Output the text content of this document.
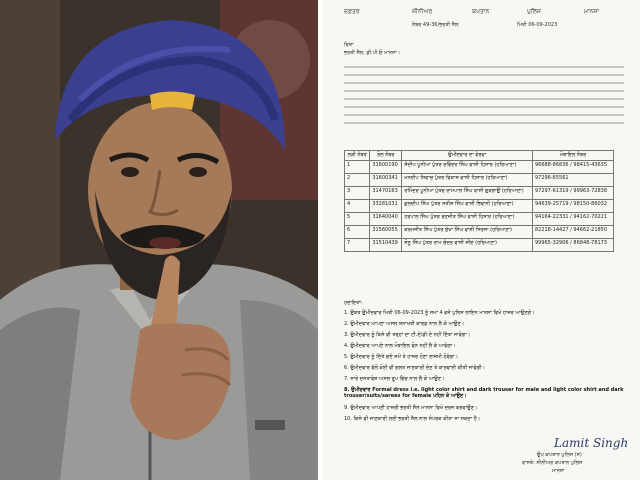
ਦਫ਼ਤਰ	ਸੀਨੀਅਰ	ਕਪਤਾਨ	ਪੁਲਿਸ	ਮਾਨਸਾ
ਨੰਬਰ 49-36/ਭਰਤੀ ਸੈਲ	ਮਿਤੀ 06-09-2023
ਵਿਸ਼ਾ
ਭਰਤੀ ਸੈਲ, ਡੀ.ਪੀ.ਓ ਮਾਨਸਾ।
ਲੜੀ ਨੰਬਰ	ਰੋਲ ਨੰਬਰ	ਉਮੀਦਵਾਰ ਦਾ ਵੇਰਵਾ	ਮੋਬਾਇਲ ਨੰਬਰ
1	31600190	ਸੰਦੀਪ ਪੂਨੀਆ ਪੁੱਤਰ ਰਵਿੰਦਰ ਸਿੰਘ ਵਾਸੀ ਹਿਸਾਰ (ਹਰਿਆਣਾ)	96688-86836 / 98415-43635
2	31600341	ਮਨਦੀਪ ਸਿਵਾਚ ਪੁੱਤਰ ਵਿਕਾਸ ਵਾਸੀ ਹਿਸਾਰ (ਹਰਿਆਣਾ)	97296-65561
3	31470163	ਰਮਿੰਦਰ ਪੂਨੀਆ ਪੁੱਤਰ ਰਾਮਪਾਲ ਸਿੰਘ ਵਾਸੀ ਗੁੜਗਾਉਂ (ਹਰਿਆਣਾ)	97297-61319 / 99963-72838
4	33281031	ਕੁਲਦੀਪ ਸਿੰਘ ਪੁੱਤਰ ਸਤੀਸ਼ ਸਿੰਘ ਵਾਸੀ ਭਿਵਾਨੀ (ਹਰਿਆਣਾ)	94639-25719 / 98150-86032
5	31640040	ਹਰਪਾਲ ਸਿੰਘ ਪੁੱਤਰ ਰਣਜੀਤ ਸਿੰਘ ਵਾਸੀ ਹਿਸਾਰ (ਹਰਿਆਣਾ)	94164-22331 / 94162-70221
6	31560055	ਕਰਮਜੀਤ ਸਿੰਘ ਪੁੱਤਰ ਸੁੱਖਾ ਸਿੰਘ ਵਾਸੀ ਸਿਰਸਾ (ਹਰਿਆਣਾ)	82218-14427 / 94662-21850
7	31510439	ਸੋਨੂ ਸਿੰਘ ਪੁੱਤਰ ਰਾਮ ਚੰਦਰ ਵਾਸੀ ਜੀਂਦ (ਹਰਿਆਣਾ)	99965-32906 / 86848-78173
ਹਦਾਇਤਾਂ:
1. ਉਕਤ ਉਮੀਦਵਾਰ ਮਿਤੀ 06-09-2023 ਨੂੰ ਸਮਾਂ 4 ਵਜੇ ਪੁਲਿਸ ਲਾਇਨ ਮਾਨਸਾ ਵਿਖੇ ਹਾਜ਼ਰ ਆਉਣਗੇ।
2. ਉਮੀਦਵਾਰ ਆਪਣਾ ਅਸਲ ਸ਼ਨਾਖਤੀ ਕਾਰਡ ਨਾਲ ਲੈ ਕੇ ਆਉਣ।
3. ਉਮੀਦਵਾਰ ਨੂੰ ਕਿਸੇ ਵੀ ਤਰ੍ਹਾਂ ਦਾ ਟੀ.ਏ/ਡੀ.ਏ ਨਹੀਂ ਦਿੱਤਾ ਜਾਵੇਗਾ।
4. ਉਮੀਦਵਾਰ ਆਪਣੇ ਨਾਲ ਮੋਬਾਇਲ ਫੋਨ ਨਹੀਂ ਲੈ ਕੇ ਆਵੇਗਾ।
5. ਉਮੀਦਵਾਰ ਨੂੰ ਦਿੱਤੇ ਗਏ ਸਮੇਂ ਤੇ ਹਾਜ਼ਰ ਹੋਣਾ ਲਾਜ਼ਮੀ ਹੋਵੇਗਾ।
6. ਉਮੀਦਵਾਰ ਵੱਲੋਂ ਕੋਈ ਵੀ ਗਲਤ ਜਾਣਕਾਰੀ ਦੇਣ ਤੇ ਕਾਰਵਾਈ ਕੀਤੀ ਜਾਵੇਗੀ।
7. ਸਾਰੇ ਦਸਤਾਵੇਜ਼ ਅਸਲ ਰੂਪ ਵਿੱਚ ਨਾਲ ਲੈ ਕੇ ਆਉਣ।
8. ਉਮੀਦਵਾਰ Formal dress i.e. light color shirt and dark trouser for male and light color shirt and dark trouser/suits/sarees for female ਪਹਿਨ ਕੇ ਆਉਣ।
9. ਉਮੀਦਵਾਰ ਆਪਣੀ ਹਾਜ਼ਰੀ ਭਰਤੀ ਸੈਲ ਮਾਨਸਾ ਵਿਖੇ ਦਰਜ ਕਰਵਾਉਣ।
10. ਕਿਸੇ ਵੀ ਜਾਣਕਾਰੀ ਲਈ ਭਰਤੀ ਸੈਲ ਨਾਲ ਸੰਪਰਕ ਕੀਤਾ ਜਾ ਸਕਦਾ ਹੈ।
Lamit Singh
ਉਪ ਕਪਤਾਨ ਪੁਲਿਸ (ਸ)
ਵਾਸਤੇ: ਸੀਨੀਅਰ ਕਪਤਾਨ ਪੁਲਿਸ
ਮਾਨਸਾ
